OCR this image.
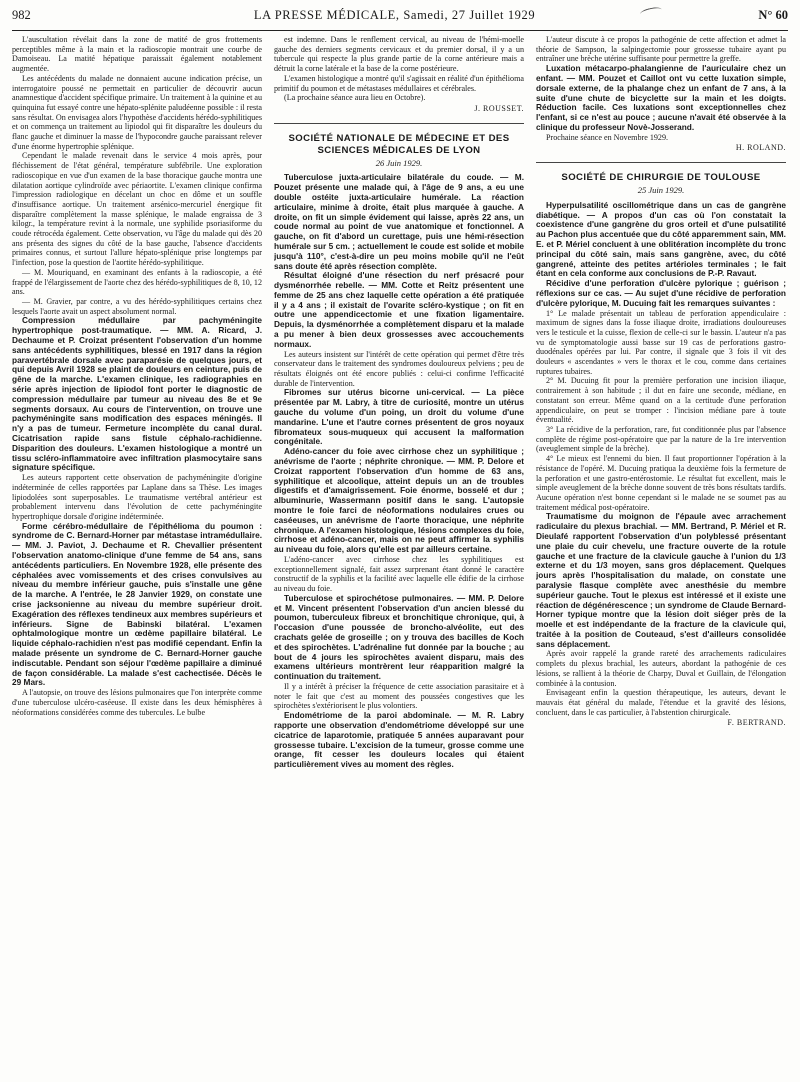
982	LA PRESSE MÉDICALE, Samedi, 27 Juillet 1929	N° 60

L'auscultation révélait dans la zone de matité de gros frottements perceptibles même à la main et la radioscopie montrait une courbe de Damoiseau. La matité hépatique paraissait également notablement augmentée.

Les antécédents du malade ne donnaient aucune indication précise, un interrogatoire poussé ne permettait en particulier de découvrir aucun anamnestique d'accident spécifique primaire. Un traitement à la quinine et au quinquina fut essayé contre une hépato-splénite paludéenne possible : il resta sans résultat. On envisagea alors l'hypothèse d'accidents hérédo-syphilitiques et on commença un traitement au lipiodol qui fit disparaître les douleurs du flanc gauche et diminuer la masse de l'hypocondre gauche paraissant relever d'une énorme hypertrophie splénique.

Cependant le malade revenait dans le service 4 mois après, pour fléchissement de l'état général, température subfébrile. Une exploration radioscopique en vue d'un examen de la base thoracique gauche montra une dilatation aortique cylindroïde avec périaortite. L'examen clinique confirma l'impression radiologique en décelant un choc en dôme et un souffle d'insuffisance aortique. Un traitement arsénico-mercuriel énergique fit disparaître complètement la masse splénique, le malade engraissa de 3 kilogr., la température revint à la normale, une syphilide psoriasiforme du coude rétrocéda également. Cette observation, vu l'âge du malade qui dès 20 ans présenta des signes du côté de la base gauche, l'absence d'accidents primaires connus, et surtout l'allure hépato-splénique prise longtemps par l'infection, pose la question de l'aortite hérédo-syphilitique.

— M. Mouriquand, en examinant des enfants à la radioscopie, a été frappé de l'élargissement de l'aorte chez des hérédo-syphilitiques de 8, 10, 12 ans.

— M. Gravier, par contre, a vu des hérédo-syphilitiques certains chez lesquels l'aorte avait un aspect absolument normal.

Compression médullaire par pachyméningite hypertrophique post-traumatique. — MM. A. Ricard, J. Dechaume et P. Croizat présentent l'observation d'un homme sans antécédents syphilitiques, blessé en 1917 dans la région paravertébrale dorsale avec paraparésie de quelques jours, et qui depuis Avril 1928 se plaint de douleurs en ceinture, puis de gêne de la marche. L'examen clinique, les radiographies en série après injection de lipiodol font porter le diagnostic de compression médullaire par tumeur au niveau des 8e et 9e segments dorsaux. Au cours de l'intervention, on trouve une pachyméningite sans modification des espaces méningés. Il n'y a pas de tumeur. Fermeture incomplète du canal dural. Cicatrisation rapide sans fistule céphalo-rachidienne. Disparition des douleurs. L'examen histologique a montré un tissu scléro-inflammatoire avec infiltration plasmocytaire sans signature spécifique.

Les auteurs rapportent cette observation de pachyméningite d'origine indéterminée de celles rapportées par Laplane dans sa Thèse. Les images lipiodolées sont superposables. Le traumatisme vertébral antérieur est probablement intervenu dans l'évolution de cette pachyméningite hypertrophique dorsale d'origine indéterminée.

Forme cérébro-médullaire de l'épithélioma du poumon : syndrome de C. Bernard-Horner par métastase intramédullaire. — MM. J. Paviot, J. Dechaume et R. Chevallier présentent l'observation anatomo-clinique d'une femme de 54 ans, sans antécédents particuliers. En Novembre 1928, elle présente des céphalées avec vomissements et des crises convulsives au niveau du membre inférieur gauche, puis s'installe une gêne de la marche. A l'entrée, le 28 Janvier 1929, on constate une crise jacksonienne au niveau du membre supérieur droit. Exagération des réflexes tendineux aux membres supérieurs et inférieurs. Signe de Babinski bilatéral. L'examen ophtalmologique montre un œdème papillaire bilatéral. Le liquide céphalo-rachidien n'est pas modifié cependant. Enfin la malade présente un syndrome de C. Bernard-Horner gauche indiscutable. Pendant son séjour l'œdème papillaire a diminué de façon considérable. La malade s'est cachectisée. Décès le 29 Mars.

A l'autopsie, on trouve des lésions pulmonaires que l'on interprète comme d'une tuberculose ulcéro-caséeuse. Il existe dans les deux hémisphères à néoformations considérées comme des tubercules. Le bulbe

est indemne. Dans le renflement cervical, au niveau de l'hémi-moelle gauche des derniers segments cervicaux et du premier dorsal, il y a un tubercule qui respecte la plus grande partie de la corne antérieure mais a détruit la corne latérale et la base de la corne postérieure.

L'examen histologique a montré qu'il s'agissait en réalité d'un épithélioma primitif du poumon et de métastases médullaires et cérébrales.

(La prochaine séance aura lieu en Octobre).

J. ROUSSET.
SOCIÉTÉ NATIONALE DE MÉDECINE ET DES SCIENCES MÉDICALES DE LYON
26 Juin 1929.

Tuberculose juxta-articulaire bilatérale du coude. — M. Pouzet présente une malade qui, à l'âge de 9 ans, a eu une double ostéite juxta-articulaire humérale. La réaction articulaire, minime à droite, était plus marquée à gauche. A droite, on fit un simple évidement qui laisse, après 22 ans, un coude normal au point de vue anatomique et fonctionnel. A gauche, on fit d'abord un curettage, puis une hémi-résection humérale sur 5 cm. ; actuellement le coude est solide et mobile jusqu'à 110°, c'est-à-dire un peu moins mobile qu'il ne l'eût sans doute été après résection complète.

Résultat éloigné d'une résection du nerf présacré pour dysménorrhée rebelle. — MM. Cotte et Reitz présentent une femme de 25 ans chez laquelle cette opération a été pratiquée il y a 4 ans ; il existait de l'ovarite scléro-kystique ; on fit en outre une appendicectomie et une fixation ligamentaire. Depuis, la dysménorrhée a complètement disparu et la malade a pu mener à bien deux grossesses avec accouchements normaux.

Les auteurs insistent sur l'intérêt de cette opération qui permet d'être très conservateur dans le traitement des syndromes douloureux pelviens ; peu de résultats éloignés ont été encore publiés : celui-ci confirme l'efficacité durable de l'intervention.

Fibromes sur utérus bicorne uni-cervical. — La pièce présentée par M. Labry, à titre de curiosité, montre un utérus gauche du volume d'un poing, un droit du volume d'une mandarine. L'une et l'autre cornes présentent de gros noyaux fibromateux sous-muqueux qui accusent la malformation congénitale.

Adéno-cancer du foie avec cirrhose chez un syphilitique ; anévrisme de l'aorte ; néphrite chronique. — MM. P. Delore et Croizat rapportent l'observation d'un homme de 63 ans, syphilitique et alcoolique, atteint depuis un an de troubles digestifs et d'amaigrissement. Foie énorme, bosselé et dur ; albuminurie, Wassermann positif dans le sang. L'autopsie montre le foie farci de néoformations nodulaires crues ou caséeuses, un anévrisme de l'aorte thoracique, une néphrite chronique. A l'examen histologique, lésions complexes du foie, cirrhose et adéno-cancer, mais on ne peut affirmer la syphilis au niveau du foie, alors qu'elle est par ailleurs certaine.

L'adéno-cancer avec cirrhose chez les syphilitiques est exceptionnellement signalé, fait assez surprenant étant donné le caractère constructif de la syphilis et la facilité avec laquelle elle édifie de la cirrhose au niveau du foie.

Tuberculose et spirochétose pulmonaires. — MM. P. Delore et M. Vincent présentent l'observation d'un ancien blessé du poumon, tuberculeux fibreux et bronchitique chronique, qui, à l'occasion d'une poussée de broncho-alvéolite, eut des crachats gelée de groseille ; on y trouva des bacilles de Koch et des spirochètes. L'adrénaline fut donnée par la bouche ; au bout de 4 jours les spirochètes avaient disparu, mais des examens ultérieurs montrèrent leur réapparition malgré la continuation du traitement.

Il y a intérêt à préciser la fréquence de cette association parasitaire et à noter le fait que c'est au moment des poussées congestives que les spirochètes s'extériorisent le plus volontiers.

Endométriome de la paroi abdominale. — M. R. Labry rapporte une observation d'endométriome développé sur une cicatrice de laparotomie, pratiquée 5 années auparavant pour grossesse tubaire. L'excision de la tumeur, grosse comme une orange, fit cesser les douleurs locales qui étaient particulièrement vives au moment des règles.

L'auteur discute à ce propos la pathogénie de cette affection et admet la théorie de Sampson, la salpingectomie pour grossesse tubaire ayant pu entraîner une brèche utérine suffisante pour permettre la greffe.

Luxation métacarpo-phalangienne de l'auriculaire chez un enfant. — MM. Pouzet et Caillot ont vu cette luxation simple, dorsale externe, de la phalange chez un enfant de 7 ans, à la suite d'une chute de bicyclette sur la main et les doigts. Réduction facile. Ces luxations sont exceptionnelles chez l'enfant, si ce n'est au pouce ; aucune n'avait été observée à la clinique du professeur Novè-Josserand.

Prochaine séance en Novembre 1929.

H. ROLAND.
SOCIÉTÉ DE CHIRURGIE DE TOULOUSE
25 Juin 1929.

Hyperpulsatilité oscillométrique dans un cas de gangrène diabétique. — A propos d'un cas où l'on constatait la coexistence d'une gangrène du gros orteil et d'une pulsatilité au Pachon plus accentuée que du côté apparemment sain, MM. E. et P. Mériel concluent à une oblitération incomplète du tronc principal du côté sain, mais sans gangrène, avec, du côté gangrené, atteinte des petites artérioles terminales ; le fait étant en cela conforme aux conclusions de P.-P. Ravaut.

Récidive d'une perforation d'ulcère pylorique ; guérison ; réflexions sur ce cas. — Au sujet d'une récidive de perforation d'ulcère pylorique, M. Ducuing fait les remarques suivantes :

1° Le malade présentait un tableau de perforation appendiculaire : maximum de signes dans la fosse iliaque droite, irradiations douloureuses vers le testicule et la cuisse, flexion de celle-ci sur le bassin. L'auteur n'a pas vu de symptomatologie aussi basse sur 19 cas de perforations gastro-duodénales opérées par lui. Par contre, il signale que 3 fois il vit des douleurs « ascendantes » vers le thorax et le cou, comme dans certaines ruptures tubaires.

2° M. Ducuing fit pour la première perforation une incision iliaque, contrairement à son habitude ; il dut en faire une seconde, médiane, en constatant son erreur. Même quand on a la certitude d'une perforation appendiculaire, on peut se tromper : l'incision médiane pare à toute éventualité.

3° La récidive de la perforation, rare, fut conditionnée plus par l'absence complète de régime post-opératoire que par la nature de la 1re intervention (aveuglement simple de la brèche).

4° Le mieux est l'ennemi du bien. Il faut proportionner l'opération à la résistance de l'opéré. M. Ducuing pratiqua la deuxième fois la fermeture de la perforation et une gastro-entérostomie. Le résultat fut excellent, mais le simple aveuglement de la brèche donne souvent de très bons résultats tardifs. Aucune opération n'est bonne cependant si le malade ne se soumet pas au traitement médical post-opératoire.

Traumatisme du moignon de l'épaule avec arrachement radiculaire du plexus brachial. — MM. Bertrand, P. Mériel et R. Dieulafé rapportent l'observation d'un polyblessé présentant une plaie du cuir chevelu, une fracture ouverte de la rotule gauche et une fracture de la clavicule gauche à l'union du 1/3 externe et du 1/3 moyen, sans gros déplacement. Quelques jours après l'hospitalisation du malade, on constate une paralysie flasque complète avec anesthésie du membre supérieur gauche. Tout le plexus est intéressé et il existe une réaction de dégénérescence ; un syndrome de Claude Bernard-Horner typique montre que la lésion doit siéger près de la moelle et est indépendante de la fracture de la clavicule qui, traitée à la position de Couteaud, s'est d'ailleurs consolidée sans déplacement.

Après avoir rappelé la grande rareté des arrachements radiculaires complets du plexus brachial, les auteurs, abordant la pathogénie de ces lésions, se rallient à la théorie de Charpy, Duval et Guillain, de l'élongation combinée à la contusion.

Envisageant enfin la question thérapeutique, les auteurs, devant le mauvais état général du malade, l'étendue et la gravité des lésions, concluent, dans le cas particulier, à l'abstention chirurgicale.

F. BERTRAND.
